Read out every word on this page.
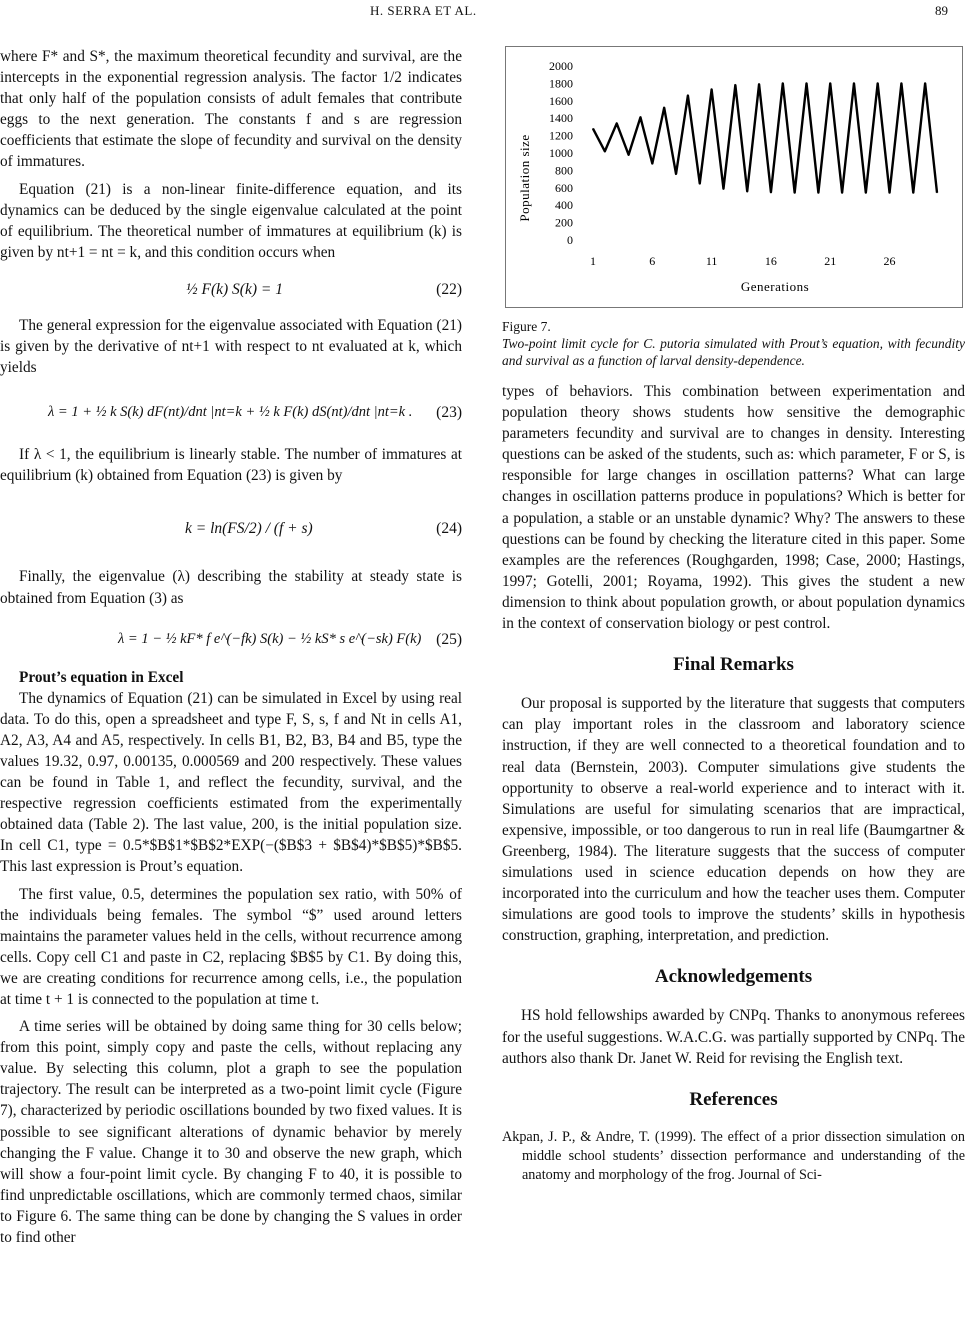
H. SERRA ET AL.	89

where F* and S*, the maximum theoretical fecundity and survival, are the intercepts in the exponential regression analysis. The factor 1/2 indicates that only half of the population consists of adult females that contribute eggs to the next generation. The constants f and s are regression coefficients that estimate the slope of fecundity and survival on the density of immatures.

Equation (21) is a non-linear finite-difference equation, and its dynamics can be deduced by the single eigenvalue calculated at the point of equilibrium. The theoretical number of immatures at equilibrium (k) is given by nt+1 = nt = k, and this condition occurs when

½ F(k) S(k) = 1	(22)

The general expression for the eigenvalue associated with Equation (21) is given by the derivative of nt+1 with respect to nt evaluated at k, which yields

λ = 1 + ½ k S(k) dF(nt)/dnt |nt=k + ½ k F(k) dS(nt)/dnt |nt=k . (23)

If λ < 1, the equilibrium is linearly stable. The number of immatures at equilibrium (k) obtained from Equation (23) is given by

k = ln(FS/2) / (f + s)	(24)

Finally, the eigenvalue (λ) describing the stability at steady state is obtained from Equation (3) as

λ = 1 − ½ kF* f e^(−fk) S(k) − ½ kS* s e^(−sk) F(k) (25)

Prout’s equation in Excel

The dynamics of Equation (21) can be simulated in Excel by using real data. To do this, open a spreadsheet and type F, S, s, f and Nt in cells A1, A2, A3, A4 and A5, respectively. In cells B1, B2, B3, B4 and B5, type the values 19.32, 0.97, 0.00135, 0.000569 and 200 respectively. These values can be found in Table 1, and reflect the fecundity, survival, and the respective regression coefficients estimated from the experimentally obtained data (Table 2). The last value, 200, is the initial population size. In cell C1, type = 0.5*$B$1*$B$2*EXP(−($B$3 + $B$4)*$B$5)*$B$5. This last expression is Prout’s equation.

The first value, 0.5, determines the population sex ratio, with 50% of the individuals being females. The symbol “$” used around letters maintains the parameter values held in the cells, without recurrence among cells. Copy cell C1 and paste in C2, replacing $B$5 by C1. By doing this, we are creating conditions for recurrence among cells, i.e., the population at time t + 1 is connected to the population at time t.

A time series will be obtained by doing same thing for 30 cells below; from this point, simply copy and paste the cells, without replacing any value. By selecting this column, plot a graph to see the population trajectory. The result can be interpreted as a two-point limit cycle (Figure 7), characterized by periodic oscillations bounded by two fixed values. It is possible to see significant alterations of dynamic behavior by merely changing the F value. Change it to 30 and observe the new graph, which will show a four-point limit cycle. By changing F to 40, it is possible to find unpredictable oscillations, which are commonly termed chaos, similar to Figure 6. The same thing can be done by changing the S values in order to find other

0
200
400
600
800
1000
1200
1400
1600
1800
2000
1	6	11	16	21	26
Population size
Generations
Figure 7.
Two-point limit cycle for C. putoria simulated with Prout’s equation, with fecundity and survival as a function of larval density-dependence.

types of behaviors. This combination between experimentation and population theory shows students how sensitive the demographic parameters fecundity and survival are to changes in density. Interesting questions can be asked of the students, such as: which parameter, F or S, is responsible for large changes in oscillation patterns? What can large changes in oscillation patterns produce in populations? Which is better for a population, a stable or an unstable dynamic? Why? The answers to these questions can be found by checking the literature cited in this paper. Some examples are the references (Roughgarden, 1998; Case, 2000; Hastings, 1997; Gotelli, 2001; Royama, 1992). This gives the student a new dimension to think about population growth, or about population dynamics in the context of conservation biology or pest control.

Final Remarks

Our proposal is supported by the literature that suggests that computers can play important roles in the classroom and laboratory science instruction, if they are well connected to a theoretical foundation and to real data (Bernstein, 2003). Computer simulations give students the opportunity to observe a real-world experience and to interact with it. Simulations are useful for simulating scenarios that are impractical, expensive, impossible, or too dangerous to run in real life (Baumgartner & Greenberg, 1984). The literature suggests that the success of computer simulations used in science education depends on how they are incorporated into the curriculum and how the teacher uses them. Computer simulations are good tools to improve the students’ skills in hypothesis construction, graphing, interpretation, and prediction.

Acknowledgements

HS hold fellowships awarded by CNPq. Thanks to anonymous referees for the useful suggestions. W.A.C.G. was partially supported by CNPq. The authors also thank Dr. Janet W. Reid for revising the English text.

References

Akpan, J. P., & Andre, T. (1999). The effect of a prior dissection simulation on middle school students’ dissection performance and understanding of the anatomy and morphology of the frog. Journal of Sci-
